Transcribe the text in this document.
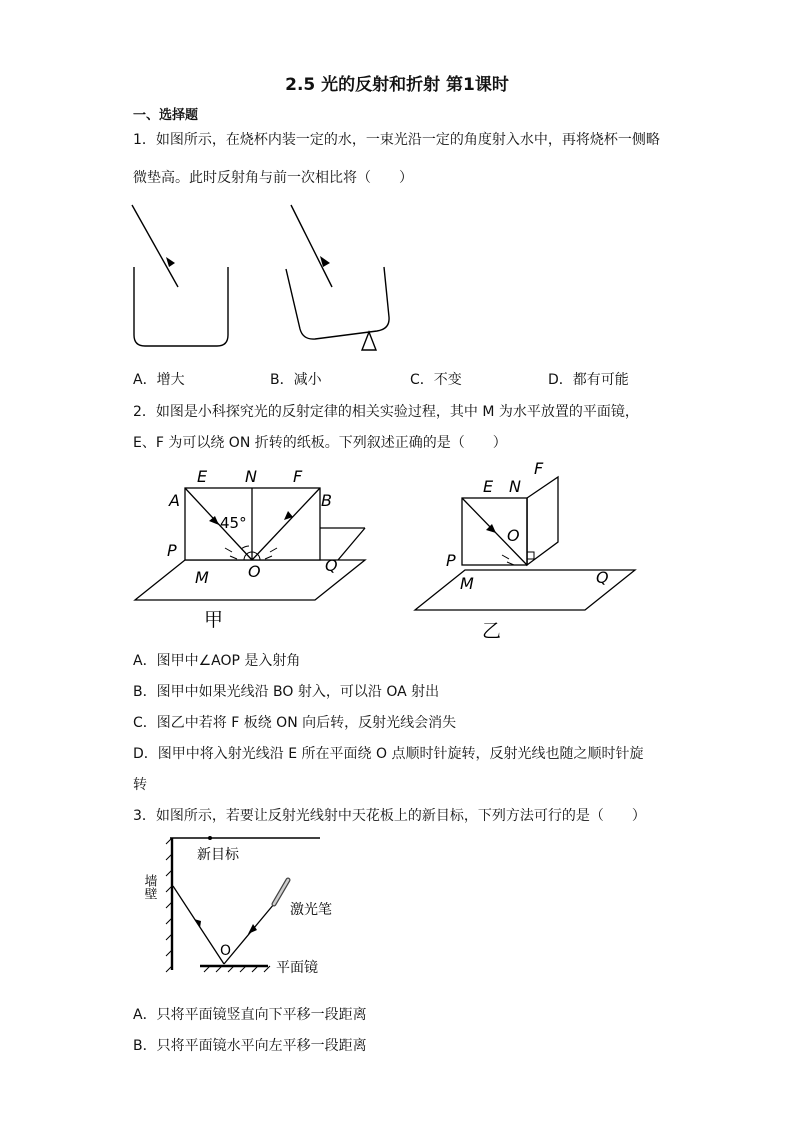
2.5 光的反射和折射 第1课时
一、选择题
1．如图所示，在烧杯内装一定的水，一束光沿一定的角度射入水中，再将烧杯一侧略
微垫高。此时反射角与前一次相比将（　　）
A．增大	B．减小	C．不变	D．都有可能
2．如图是小科探究光的反射定律的相关实验过程，其中 M 为水平放置的平面镜，
E、F 为可以绕 ON 折转的纸板。下列叙述正确的是（　　）
A
E N F
B
P
M O	Q
45°
甲
F
E N
O
P
M	Q
乙
A．图甲中∠AOP 是入射角
B．图甲中如果光线沿 BO 射入，可以沿 OA 射出
C．图乙中若将 F 板绕 ON 向后转，反射光线会消失
D．图甲中将入射光线沿 E 所在平面绕 O 点顺时针旋转，反射光线也随之顺时针旋
转
3．如图所示，若要让反射光线射中天花板上的新目标，下列方法可行的是（　　）
新目标
墙壁
激光笔
O
平面镜
A．只将平面镜竖直向下平移一段距离
B．只将平面镜水平向左平移一段距离
